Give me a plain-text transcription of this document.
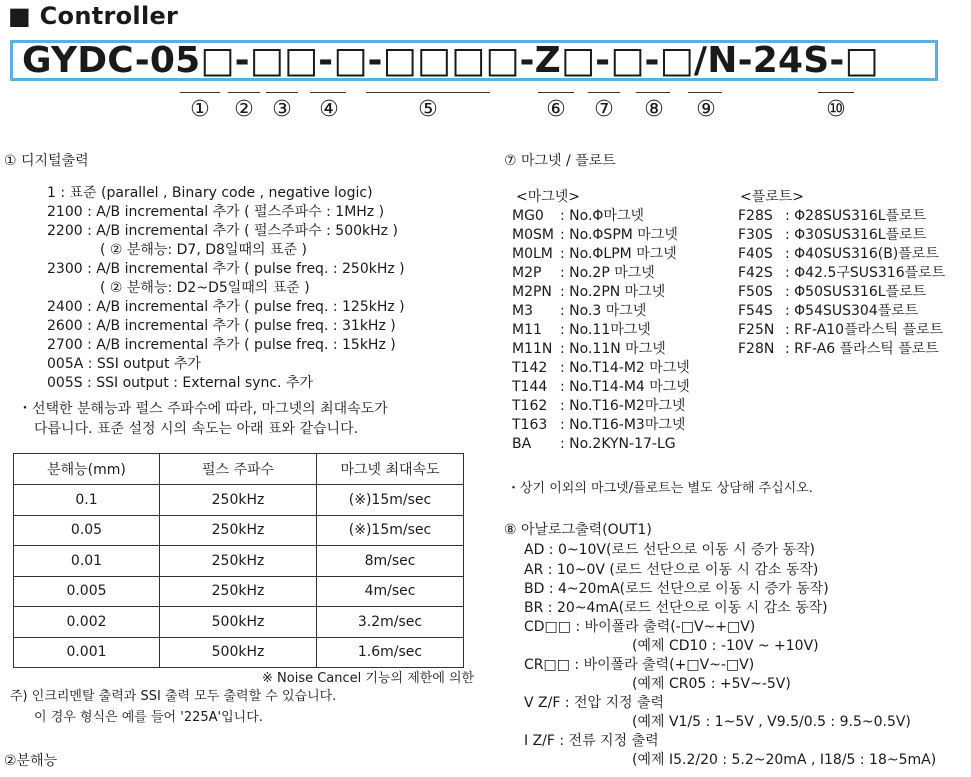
■ Controller
GYDC-05□-□□-□-□□□□-Z□-□-□/N-24S-□
① ② ③ ④	⑤	⑥ ⑦ ⑧ ⑨	⑩
① 디지털출력
1 : 표준 (parallel , Binary code , negative logic)
2100 : A/B incremental 추가 ( 펄스주파수 : 1MHz )
2200 : A/B incremental 추가 ( 펄스주파수 : 500kHz )
( ② 분해능: D7, D8일때의 표준 )
2300 : A/B incremental 추가 ( pulse freq. : 250kHz )
( ② 분해능: D2~D5일때의 표준 )
2400 : A/B incremental 추가 ( pulse freq. : 125kHz )
2600 : A/B incremental 추가 ( pulse freq. : 31kHz )
2700 : A/B incremental 추가 ( pulse freq. : 15kHz )
005A : SSI output 추가
005S : SSI output : External sync. 추가
・선택한 분해능과 펄스 주파수에 따라, 마그넷의 최대속도가
다릅니다. 표준 설정 시의 속도는 아래 표와 같습니다.
분해능(mm)	펄스 주파수	마그넷 최대속도
0.1	250kHz	(※)15m/sec
0.05	250kHz	(※)15m/sec
0.01	250kHz	8m/sec
0.005	250kHz	4m/sec
0.002	500kHz	3.2m/sec
0.001	500kHz	1.6m/sec
※ Noise Cancel 기능의 제한에 의한
주) 인크리멘탈 출력과 SSI 출력 모두 출력할 수 있습니다.
이 경우 형식은 예를 들어 '225A'입니다.
②분해능
⑦ 마그넷 / 플로트
<마그넷>	<플로트>
MG0 : No.Φ마그넷
M0SM : No.ΦSPM 마그넷
M0LM : No.ΦLPM 마그넷
M2P : No.2P 마그넷
M2PN : No.2PN 마그넷
M3 : No.3 마그넷
M11 : No.11마그넷
M11N : No.11N 마그넷
T142 : No.T14-M2 마그넷
T144 : No.T14-M4 마그넷
T162 : No.T16-M2마그넷
T163 : No.T16-M3마그넷
BA : No.2KYN-17-LG
F28S : Φ28SUS316L플로트
F30S : Φ30SUS316L플로트
F40S : Φ40SUS316(B)플로트
F42S : Φ42.5구SUS316플로트
F50S : Φ50SUS316L플로트
F54S : Φ54SUS304플로트
F25N : RF-A10플라스틱 플로트
F28N : RF-A6 플라스틱 플로트
・상기 이외의 마그넷/플로트는 별도 상담해 주십시오.
⑧ 아날로그출력(OUT1)
AD : 0~10V(로드 선단으로 이동 시 증가 동작)
AR : 10~0V (로드 선단으로 이동 시 감소 동작)
BD : 4~20mA(로드 선단으로 이동 시 증가 동작)
BR : 20~4mA(로드 선단으로 이동 시 감소 동작)
CD□□ : 바이폴라 출력(-□V~+□V)
(예제 CD10 : -10V ~ +10V)
CR□□ : 바이폴라 출력(+□V~-□V)
(예제 CR05 : +5V~-5V)
V Z/F : 전압 지정 출력
(예제 V1/5 : 1~5V , V9.5/0.5 : 9.5~0.5V)
I Z/F : 전류 지정 출력
(예제 I5.2/20 : 5.2~20mA , I18/5 : 18~5mA)
